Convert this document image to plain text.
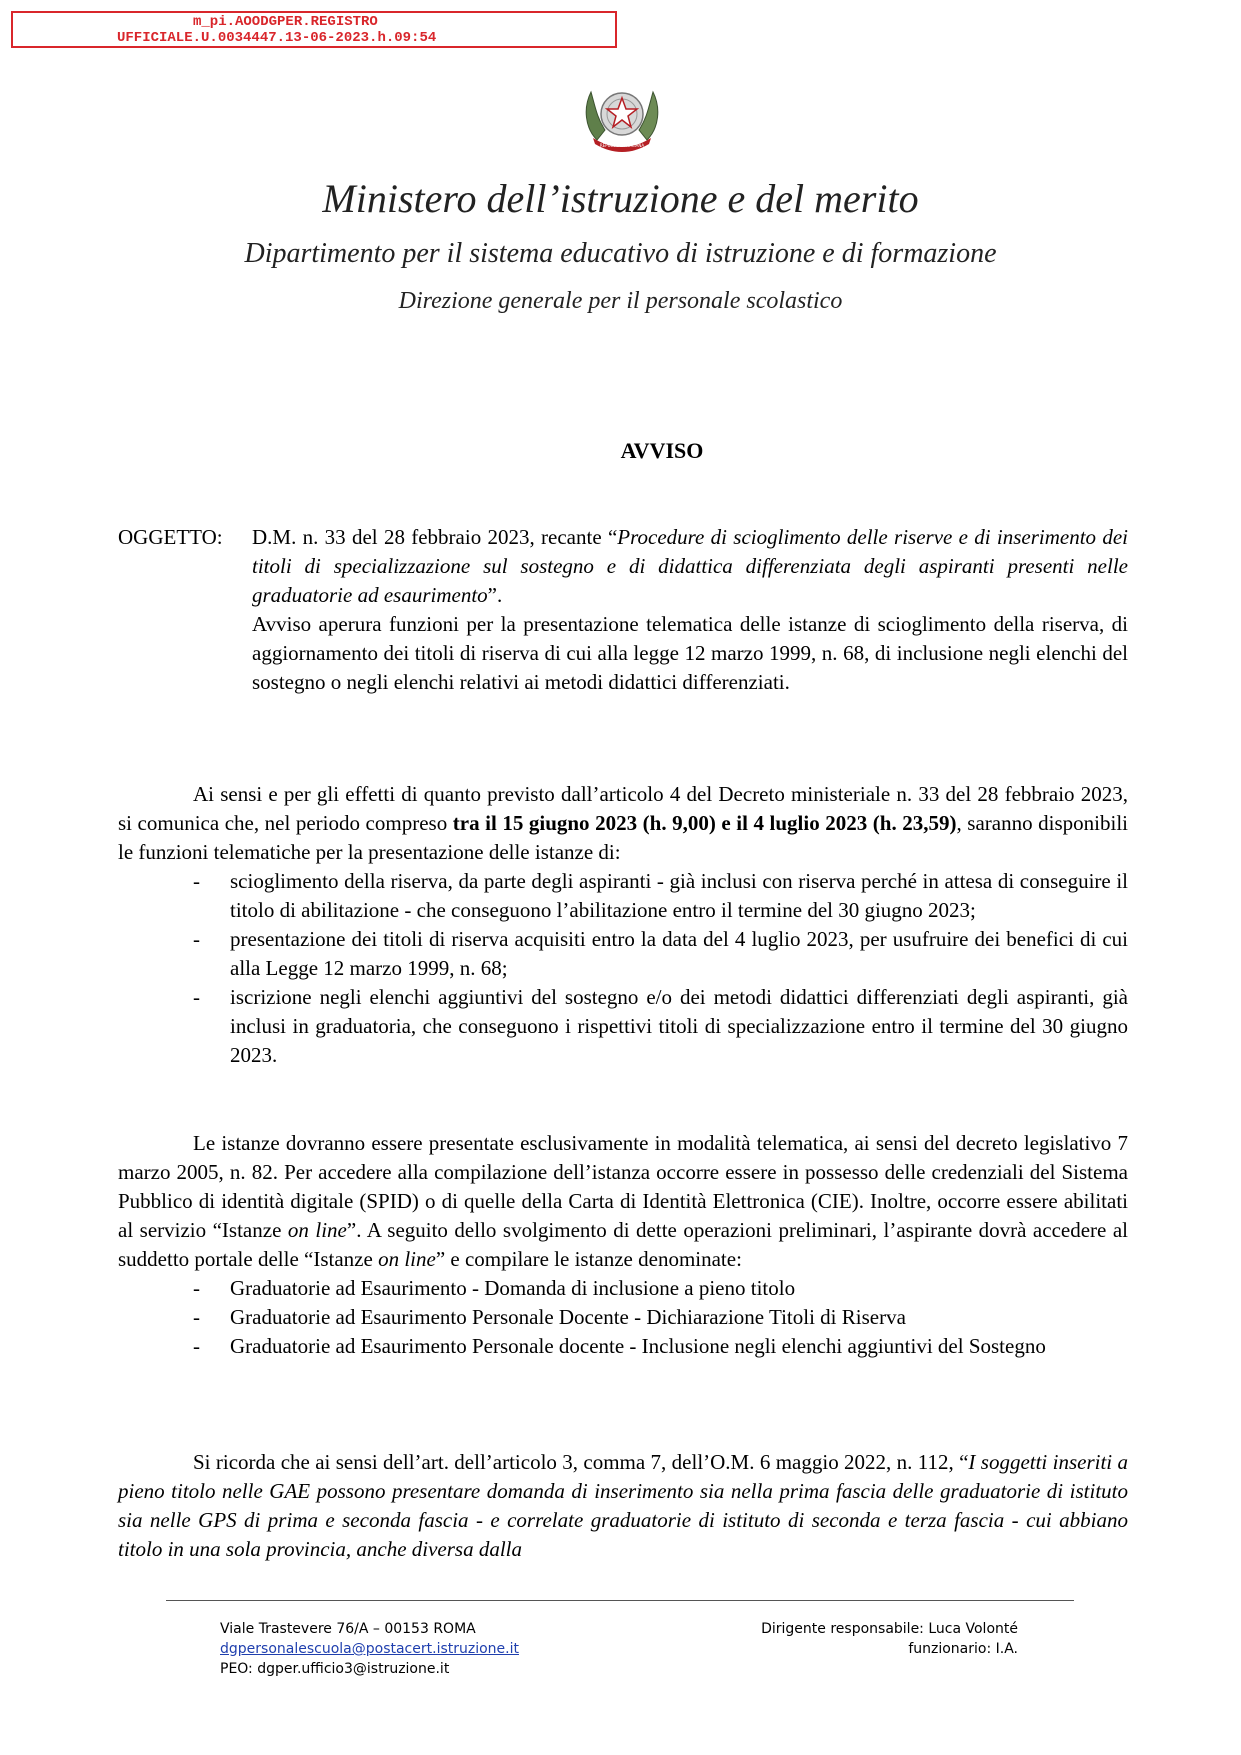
m_pi.AOODGPER.REGISTRO
UFFICIALE.U.0034447.13-06-2023.h.09:54
REPUBBLICA ITALIANA
Ministero dell’istruzione e del merito
Dipartimento per il sistema educativo di istruzione e di formazione
Direzione generale per il personale scolastico
AVVISO
OGGETTO: D.M. n. 33 del 28 febbraio 2023, recante “Procedure di scioglimento delle riserve e di inserimento dei titoli di specializzazione sul sostegno e di didattica differenziata degli aspiranti presenti nelle graduatorie ad esaurimento”.
Avviso aperura funzioni per la presentazione telematica delle istanze di scioglimento della riserva, di aggiornamento dei titoli di riserva di cui alla legge 12 marzo 1999, n. 68, di inclusione negli elenchi del sostegno o negli elenchi relativi ai metodi didattici differenziati.

Ai sensi e per gli effetti di quanto previsto dall’articolo 4 del Decreto ministeriale n. 33 del 28 febbraio 2023, si comunica che, nel periodo compreso tra il 15 giugno 2023 (h. 9,00) e il 4 luglio 2023 (h. 23,59), saranno disponibili le funzioni telematiche per la presentazione delle istanze di:

- scioglimento della riserva, da parte degli aspiranti - già inclusi con riserva perché in attesa di conseguire il titolo di abilitazione - che conseguono l’abilitazione entro il termine del 30 giugno 2023;
- presentazione dei titoli di riserva acquisiti entro la data del 4 luglio 2023, per usufruire dei benefici di cui alla Legge 12 marzo 1999, n. 68;
- iscrizione negli elenchi aggiuntivi del sostegno e/o dei metodi didattici differenziati degli aspiranti, già inclusi in graduatoria, che conseguono i rispettivi titoli di specializzazione entro il termine del 30 giugno 2023.

Le istanze dovranno essere presentate esclusivamente in modalità telematica, ai sensi del decreto legislativo 7 marzo 2005, n. 82. Per accedere alla compilazione dell’istanza occorre essere in possesso delle credenziali del Sistema Pubblico di identità digitale (SPID) o di quelle della Carta di Identità Elettronica (CIE). Inoltre, occorre essere abilitati al servizio “Istanze on line”. A seguito dello svolgimento di dette operazioni preliminari, l’aspirante dovrà accedere al suddetto portale delle “Istanze on line” e compilare le istanze denominate:

- Graduatorie ad Esaurimento - Domanda di inclusione a pieno titolo
- Graduatorie ad Esaurimento Personale Docente - Dichiarazione Titoli di Riserva
- Graduatorie ad Esaurimento Personale docente - Inclusione negli elenchi aggiuntivi del Sostegno

Si ricorda che ai sensi dell’art. dell’articolo 3, comma 7, dell’O.M. 6 maggio 2022, n. 112, “I soggetti inseriti a pieno titolo nelle GAE possono presentare domanda di inserimento sia nella prima fascia delle graduatorie di istituto sia nelle GPS di prima e seconda fascia - e correlate graduatorie di istituto di seconda e terza fascia - cui abbiano titolo in una sola provincia, anche diversa dalla

Viale Trastevere 76/A – 00153 ROMA
dgpersonalescuola@postacert.istruzione.it
PEO: dgper.ufficio3@istruzione.it
Dirigente responsabile: Luca Volonté
funzionario: I.A.
